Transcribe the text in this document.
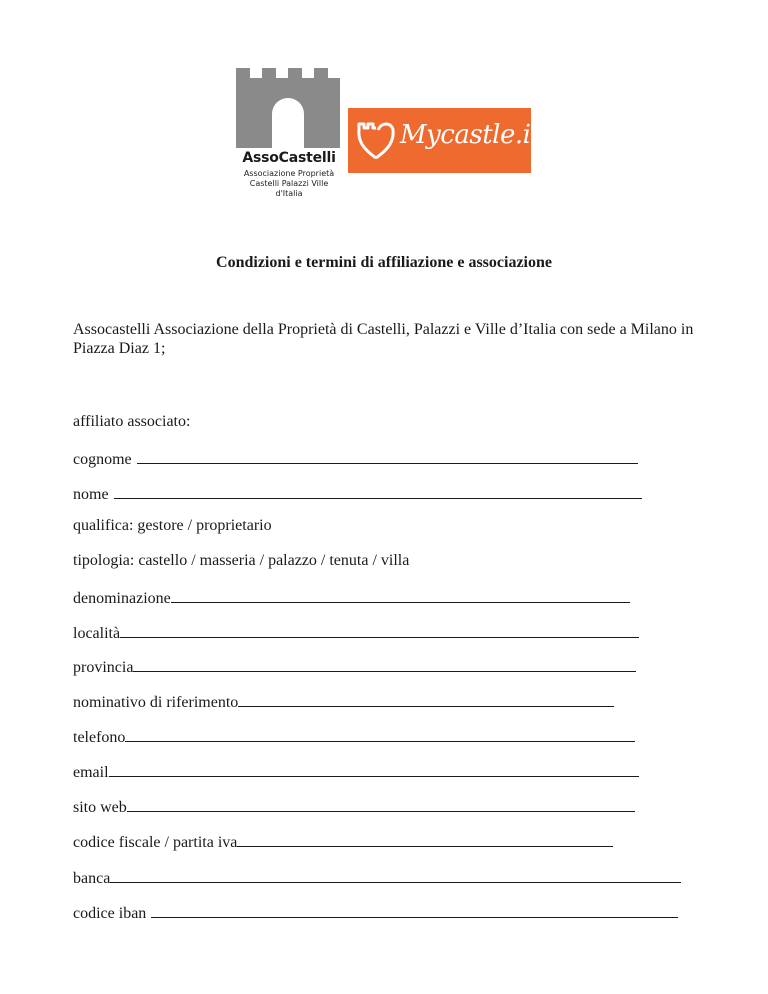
AssoCastelli
Associazione Proprietà
Castelli Palazzi Ville
d'Italia
Mycastle.it
Condizioni e termini di affiliazione e associazione
Assocastelli Associazione della Proprietà di Castelli, Palazzi e Ville d’Italia con sede a Milano in Piazza Diaz 1;
affiliato associato:
cognome
nome
qualifica: gestore / proprietario
tipologia: castello / masseria / palazzo / tenuta / villa
denominazione
località
provincia
nominativo di riferimento
telefono
email
sito web
codice fiscale / partita iva
banca
codice iban
